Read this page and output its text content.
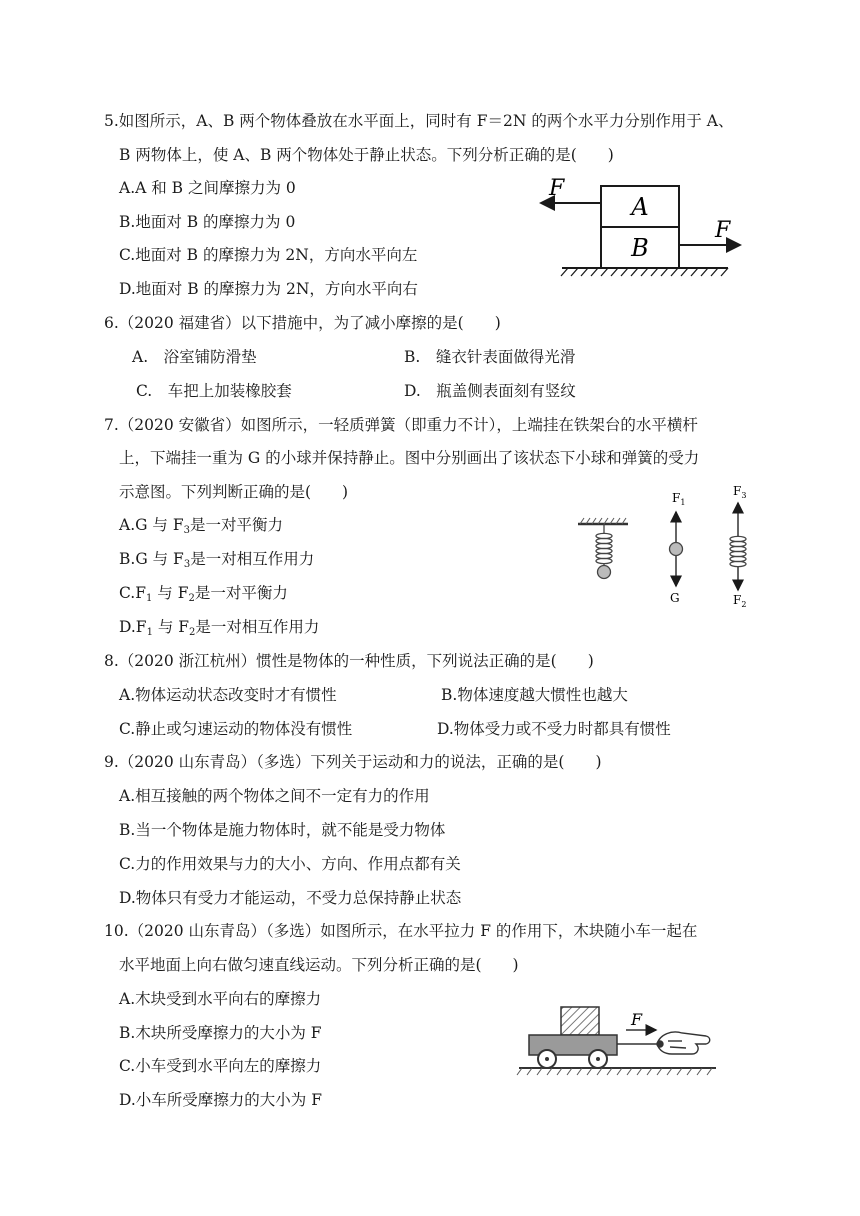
5.如图所示，A、B 两个物体叠放在水平面上，同时有 F＝2N 的两个水平力分别作用于 A、
B 两物体上，使 A、B 两个物体处于静止状态。下列分析正确的是(　　)
A.A 和 B 之间摩擦力为 0
B.地面对 B 的摩擦力为 0
C.地面对 B 的摩擦力为 2N，方向水平向左
D.地面对 B 的摩擦力为 2N，方向水平向右
A
B
F
F
6.（2020 福建省）以下措施中，为了减小摩擦的是(　　)
A.　浴室铺防滑垫	B.　缝衣针表面做得光滑
C.　车把上加装橡胶套	D.　瓶盖侧表面刻有竖纹
7.（2020 安徽省）如图所示，一轻质弹簧（即重力不计），上端挂在铁架台的水平横杆
上，下端挂一重为 G 的小球并保持静止。图中分别画出了该状态下小球和弹簧的受力
示意图。下列判断正确的是(　　)
A.G 与 $F_3$是一对平衡力
B.G 与 $F_3$是一对相互作用力
$C.F_1$ 与 $F_2$是一对平衡力
$D.F_1$ 与 $F_2$是一对相互作用力
$F_1$
G
$F_3$
$F_2$
8.（2020 浙江杭州）惯性是物体的一种性质，下列说法正确的是(　　)
A.物体运动状态改变时才有惯性	B.物体速度越大惯性也越大
C.静止或匀速运动的物体没有惯性	D.物体受力或不受力时都具有惯性
9.（2020 山东青岛）（多选）下列关于运动和力的说法，正确的是(　　)
A.相互接触的两个物体之间不一定有力的作用
B.当一个物体是施力物体时，就不能是受力物体
C.力的作用效果与力的大小、方向、作用点都有关
D.物体只有受力才能运动，不受力总保持静止状态
10.（2020 山东青岛）（多选）如图所示，在水平拉力 F 的作用下，木块随小车一起在
水平地面上向右做匀速直线运动。下列分析正确的是(　　)
A.木块受到水平向右的摩擦力
B.木块所受摩擦力的大小为 F
C.小车受到水平向左的摩擦力
D.小车所受摩擦力的大小为 F
F
